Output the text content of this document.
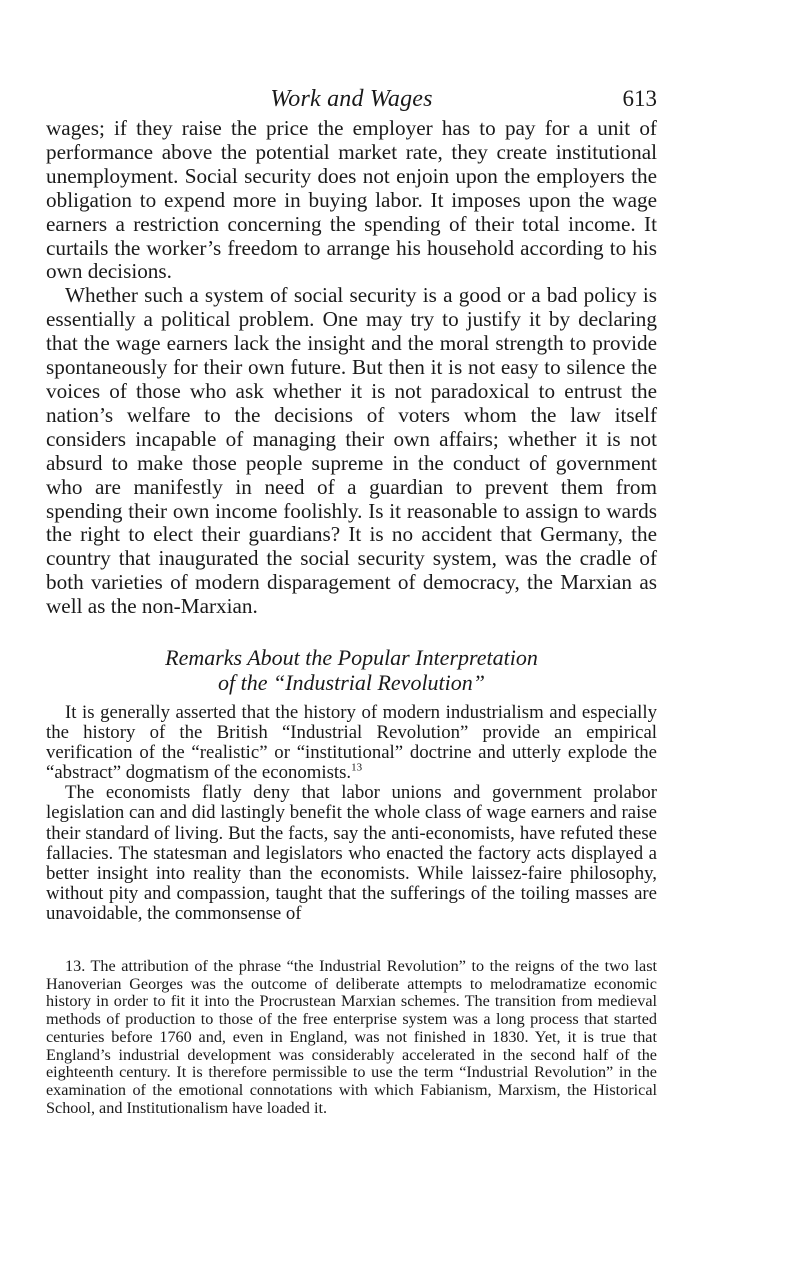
Work and Wages	613

wages; if they raise the price the employer has to pay for a unit of performance above the potential market rate, they create institutional unemployment. Social security does not enjoin upon the employers the obligation to expend more in buying labor. It imposes upon the wage earners a restriction concerning the spending of their total income. It curtails the worker’s freedom to arrange his household according to his own decisions.

Whether such a system of social security is a good or a bad policy is essentially a political problem. One may try to justify it by declaring that the wage earners lack the insight and the moral strength to provide spontaneously for their own future. But then it is not easy to silence the voices of those who ask whether it is not paradoxical to entrust the nation’s welfare to the decisions of voters whom the law itself considers incapable of managing their own affairs; whether it is not absurd to make those people supreme in the conduct of government who are manifestly in need of a guardian to prevent them from spending their own income foolishly. Is it reasonable to assign to wards the right to elect their guardians? It is no accident that Germany, the country that inaugurated the social security system, was the cradle of both varieties of modern disparagement of democracy, the Marxian as well as the non-Marxian.

Remarks About the Popular Interpretation
of the “Industrial Revolution”

It is generally asserted that the history of modern industrialism and especially the history of the British “Industrial Revolution” provide an empirical verification of the “realistic” or “institutional” doctrine and utterly explode the “abstract” dogmatism of the economists.$^{13}$

The economists flatly deny that labor unions and government prolabor legislation can and did lastingly benefit the whole class of wage earners and raise their standard of living. But the facts, say the anti-economists, have refuted these fallacies. The statesman and legislators who enacted the factory acts displayed a better insight into reality than the economists. While laissez-faire philosophy, without pity and compassion, taught that the sufferings of the toiling masses are unavoidable, the commonsense of

13. The attribution of the phrase “the Industrial Revolution” to the reigns of the two last Hanoverian Georges was the outcome of deliberate attempts to melodramatize economic history in order to fit it into the Procrustean Marxian schemes. The transition from medieval methods of production to those of the free enterprise system was a long process that started centuries before 1760 and, even in England, was not finished in 1830. Yet, it is true that England’s industrial development was considerably accelerated in the second half of the eighteenth century. It is therefore permissible to use the term “Industrial Revolution” in the examination of the emotional connotations with which Fabianism, Marxism, the Historical School, and Institutionalism have loaded it.
